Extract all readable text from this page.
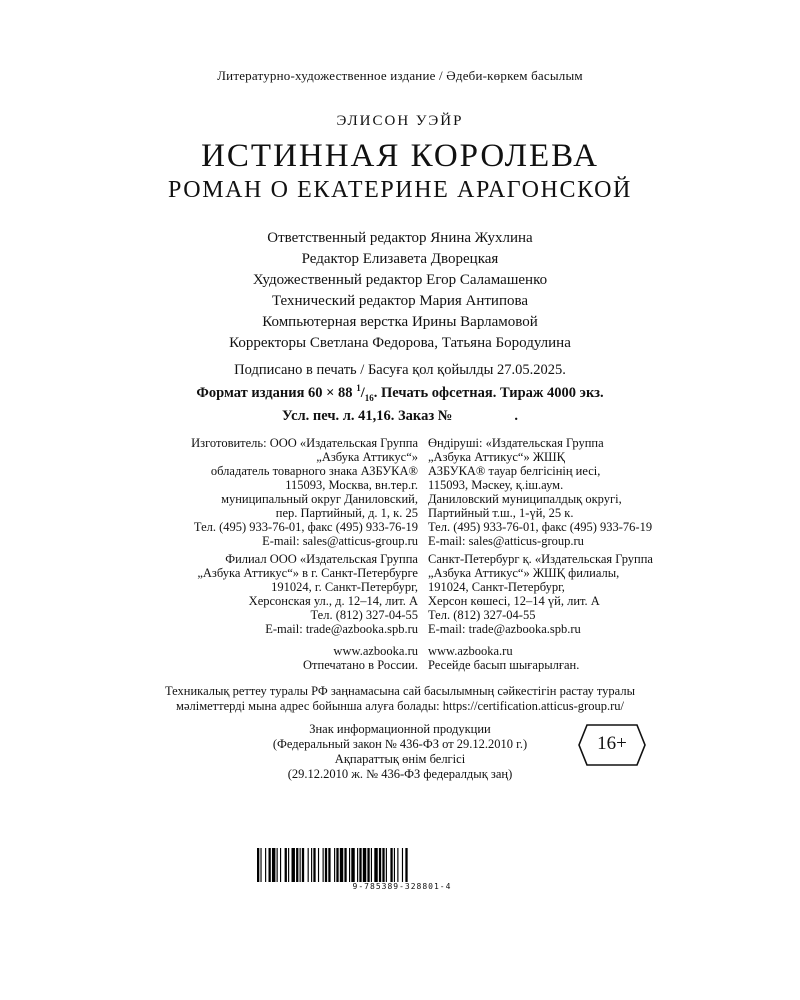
Литературно-художественное издание / Әдеби-көркем басылым
ЭЛИСОН УЭЙР
ИСТИННАЯ КОРОЛЕВА
РОМАН О ЕКАТЕРИНЕ АРАГОНСКОЙ
Ответственный редактор Янина Жухлина
Редактор Елизавета Дворецкая
Художественный редактор Егор Саламашенко
Технический редактор Мария Антипова
Компьютерная верстка Ирины Варламовой
Корректоры Светлана Федорова, Татьяна Бородулина
Подписано в печать / Басуға қол қойылды 27.05.2025.
Формат издания 60 × 88 $^1/_{16}$. Печать офсетная. Тираж 4000 экз.
Усл. печ. л. 41,16. Заказ №	.
Изготовитель: ООО «Издательская Группа
„Азбука Аттикус“»
обладатель товарного знака АЗБУКА®
115093, Москва, вн.тер.г.
муниципальный округ Даниловский,
пер. Партийный, д. 1, к. 25
Тел. (495) 933-76-01, факс (495) 933-76-19
E-mail: sales@atticus-group.ru
Филиал ООО «Издательская Группа
„Азбука Аттикус“» в г. Санкт-Петербурге
191024, г. Санкт-Петербург,
Херсонская ул., д. 12–14, лит. А
Тел. (812) 327-04-55
E-mail: trade@azbooka.spb.ru
www.azbooka.ru
Отпечатано в России.
Өндіруші: «Издательская Группа
„Азбука Аттикус“» ЖШҚ
АЗБУКА® тауар белгісінің иесі,
115093, Мәскеу, қ.іш.аум.
Даниловский муниципалдық округі,
Партийный т.ш., 1-үй, 25 к.
Тел. (495) 933-76-01, факс (495) 933-76-19
E-mail: sales@atticus-group.ru
Санкт-Петербург қ. «Издательская Группа
„Азбука Аттикус“» ЖШҚ филиалы,
191024, Санкт-Петербург,
Херсон көшесі, 12–14 үй, лит. А
Тел. (812) 327-04-55
E-mail: trade@azbooka.spb.ru
www.azbooka.ru
Ресейде басып шығарылған.
Техникалық реттеу туралы РФ заңнамасына сай басылымның сәйкестігін растау туралы
мәліметтерді мына адрес бойынша алуға болады: https://certification.atticus-group.ru/
Знак информационной продукции
(Федеральный закон № 436-ФЗ от 29.12.2010 г.)
Ақпараттық өнім белгісі
(29.12.2010 ж. № 436-ФЗ федералдық заң)
16+
9-785389-328801-4
